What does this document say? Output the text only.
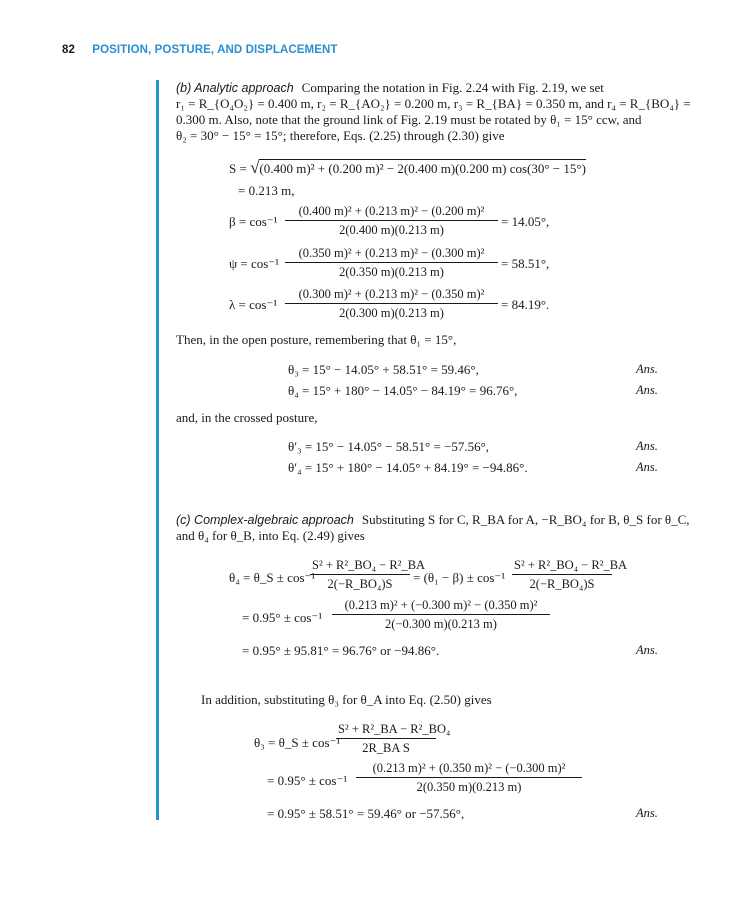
82 POSITION, POSTURE, AND DISPLACEMENT
(b) Analytic approach Comparing the notation in Fig. 2.24 with Fig. 2.19, we set
r₁ = R_{O₄O₂} = 0.400 m, r₂ = R_{AO₂} = 0.200 m, r₃ = R_{BA} = 0.350 m, and r₄ = R_{BO₄} =
0.300 m. Also, note that the ground link of Fig. 2.19 must be rotated by θ₁ = 15° ccw, and
θ₂ = 30° − 15° = 15°; therefore, Eqs. (2.25) through (2.30) give
S = √(0.400 m)² + (0.200 m)² − 2(0.400 m)(0.200 m) cos(30° − 15°)
= 0.213 m,
$\beta = \cos^{-1} \frac{\text{(0.400 m)² + (0.213 m)² − (0.200 m)²}}{2(0.400 m)(0.213 m)} = 14.05^\circ$,
$\psi = \cos^{-1} \frac{\text{(0.350 m)² + (0.213 m)² − (0.300 m)²}}{2(0.350 m)(0.213 m)} = 58.51^\circ$,
$\lambda = \cos^{-1} \frac{\text{(0.300 m)² + (0.213 m)² − (0.350 m)²}}{2(0.300 m)(0.213 m)} = 84.19^\circ$.
Then, in the open posture, remembering that θ₁ = 15°,
θ₃ = 15° − 14.05° + 58.51° = 59.46°,	Ans.
θ₄ = 15° + 180° − 14.05° − 84.19° = 96.76°,	Ans.
and, in the crossed posture,
θ′₃ = 15° − 14.05° − 58.51° = −57.56°,	Ans.
θ′₄ = 15° + 180° − 14.05° + 84.19° = −94.86°.	Ans.
(c) Complex-algebraic approach Substituting S for C, R_BA for A, −R_BO₄ for B, θ_S for θ_C,
and θ₄ for θ_B, into Eq. (2.49) gives
θ₄ = θ_S ± cos⁻¹
$\frac{\text{S² + R²\_BO₄ − R²\_BA}}{\text{2(−R\_BO₄)S}} = (\theta_1 - \beta) \pm \cos^{-1} \frac{\text{S² + R²\_BO₄ − R²\_BA}}{\text{2(−R\_BO₄)S}}$
= $0.95^\circ \pm \cos^{-1} \frac{\text{(0.213 m)² + (−0.300 m)² − (0.350 m)²}}{2(-0.300 m)(0.213 m)}$
= 0.95° ± 95.81° = 96.76° or −94.86°.	Ans.
In addition, substituting θ₃ for θ_A into Eq. (2.50) gives
θ₃ = θ_S ± cos⁻¹
$\frac{\text{S² + R²\_BA − R²\_BO₄}}{\text{2R\_BA S}}$
= $0.95^\circ \pm \cos^{-1} \frac{\text{(0.213 m)² + (0.350 m)² − (−0.300 m)²}}{2(0.350 m)(0.213 m)}$
= 0.95° ± 58.51° = 59.46° or −57.56°,	Ans.
